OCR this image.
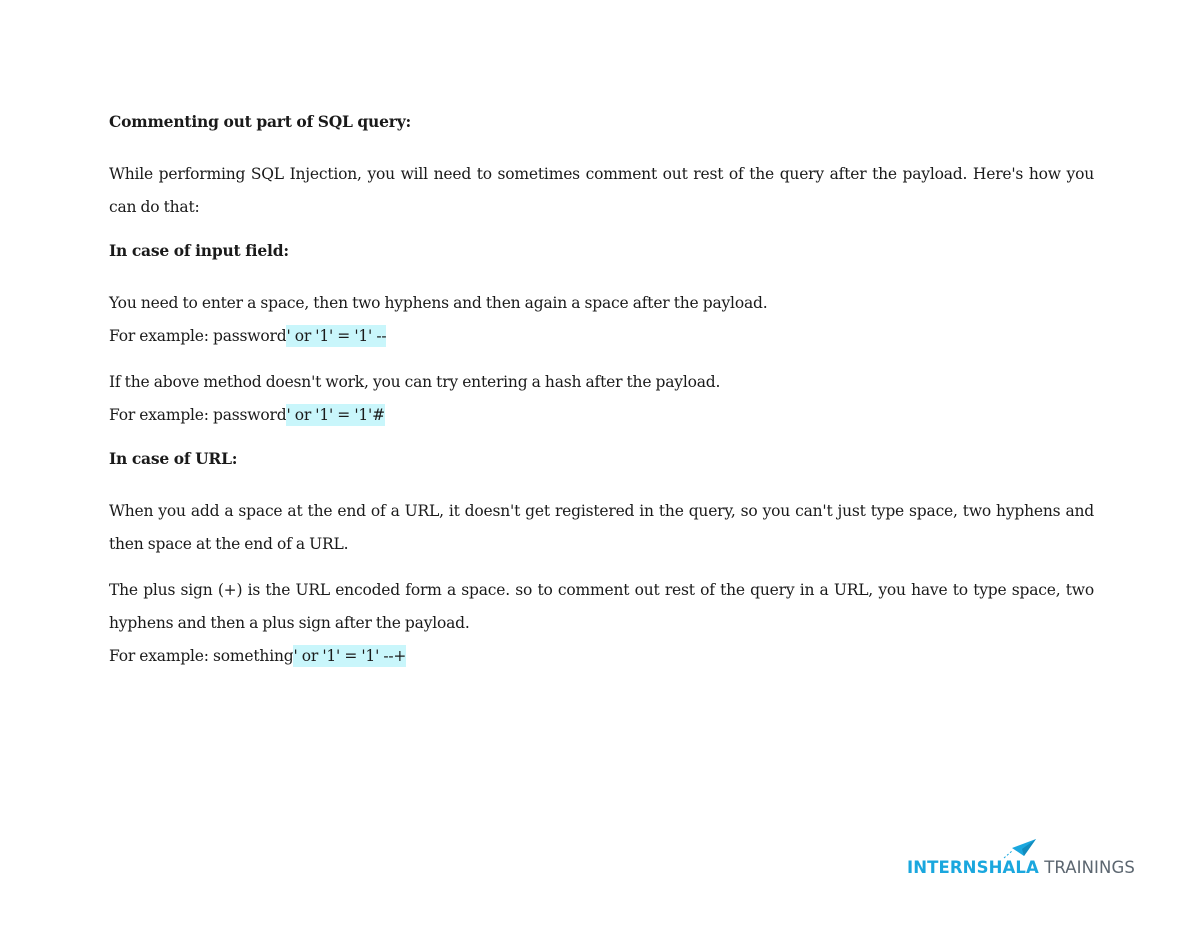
Commenting out part of SQL query:

While performing SQL Injection, you will need to sometimes comment out rest of the query after the payload. Here's how you can do that:

In case of input field:

You need to enter a space, then two hyphens and then again a space after the payload.

For example: password' or '1' = '1' --

If the above method doesn't work, you can try entering a hash after the payload.

For example: password' or '1' = '1'#

In case of URL:

When you add a space at the end of a URL, it doesn't get registered in the query, so you can't just type space, two hyphens and then space at the end of a URL.

The plus sign (+) is the URL encoded form a space. so to comment out rest of the query in a URL, you have to type space, two hyphens and then a plus sign after the payload.

For example: something' or '1' = '1' --+

INTERNSHALA TRAININGS
